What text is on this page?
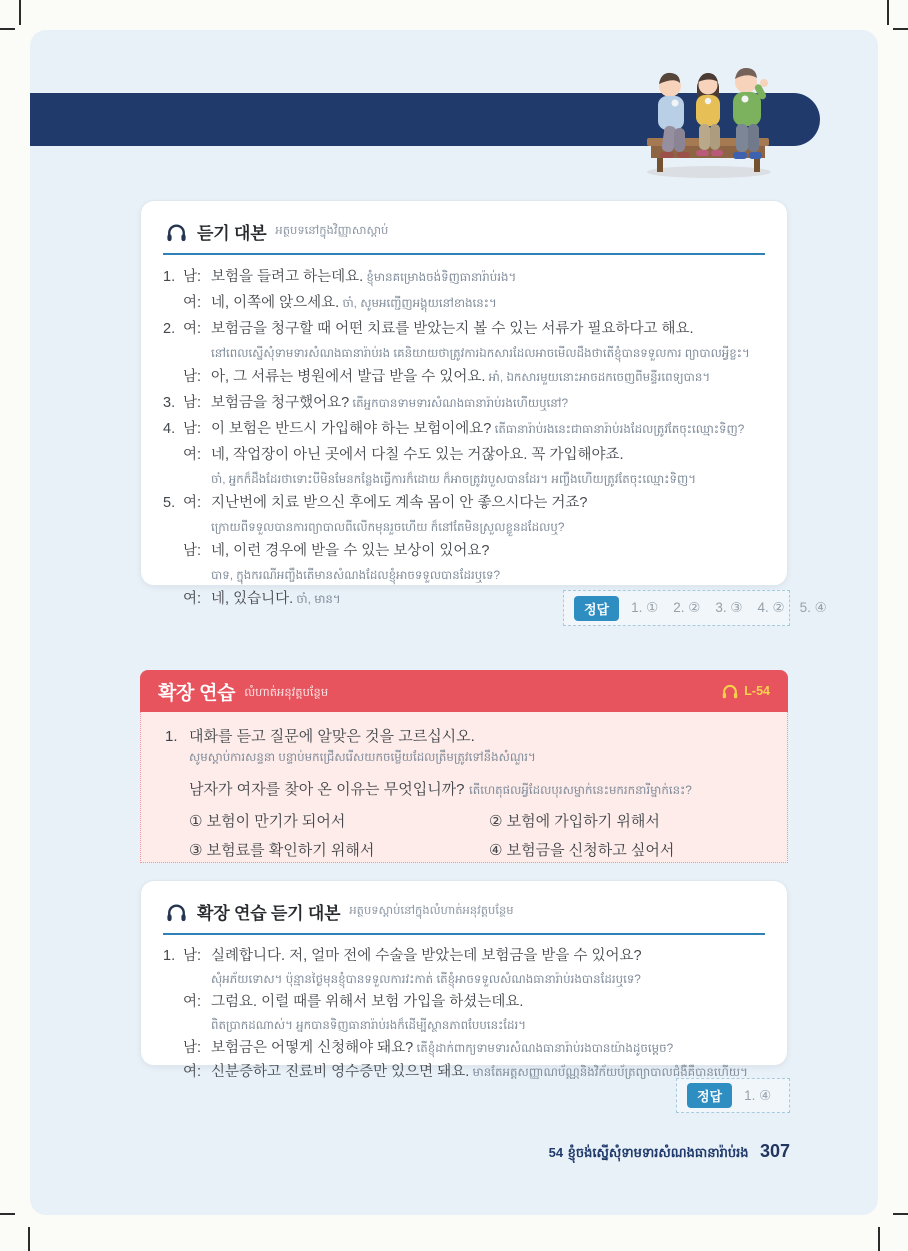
듣기 대본 អត្ថបទនៅក្នុងវិញ្ញាសាស្តាប់
1. 남: 보험을 들려고 하는데요. ខ្ញុំមានគម្រោងចង់ទិញធានារ៉ាប់រង។
여: 네, 이쪽에 앉으세요. ចា៎, សូមអញ្ជើញអង្គុយនៅខាងនេះ។
2. 여: 보험금을 청구할 때 어떤 치료를 받았는지 볼 수 있는 서류가 필요하다고 해요.
នៅពេលស្នើសុំទាមទារសំណងធានារ៉ាប់រង គេនិយាយថាត្រូវការឯកសារដែលអាចមើលដឹងថាតើខ្ញុំបានទទួលការ ព្យាបាលអ្វីខ្លះ។
남: 아, 그 서류는 병원에서 발급 받을 수 있어요. អា៎, ឯកសារមួយនោះអាចដកចេញពីមន្ទីរពេទ្យបាន។
3. 남: 보험금을 청구했어요? តើអ្នកបានទាមទារសំណងធានារ៉ាប់រងហើយឬនៅ?
4. 남: 이 보험은 반드시 가입해야 하는 보험이에요? តើធានារ៉ាប់រងនេះជាធានារ៉ាប់រងដែលត្រូវតែចុះឈ្មោះទិញ?
여: 네, 작업장이 아닌 곳에서 다칠 수도 있는 거잖아요. 꼭 가입해야죠.
ចា៎, អ្នកក៏ដឹងដែរថាទោះបីមិនមែនកន្លែងធ្វើការក៏ដោយ ក៏អាចត្រូវរបួសបានដែរ។ អញ្ចឹងហើយត្រូវតែចុះឈ្មោះទិញ។
5. 여: 지난번에 치료 받으신 후에도 계속 몸이 안 좋으시다는 거죠?
ក្រោយពីទទួលបានការព្យាបាលពីលើកមុនរួចហើយ ក៏នៅតែមិនស្រួលខ្លួនដដែលឬ?
남: 네, 이런 경우에 받을 수 있는 보상이 있어요?
បាទ, ក្នុងករណីអញ្ចឹងតើមានសំណងដែលខ្ញុំអាចទទួលបានដែរឬទេ?
여: 네, 있습니다. ចា៎, មាន។
정답	1. ① 2. ② 3. ③ 4. ② 5. ④
확장 연습 លំហាត់អនុវត្តបន្ថែម	L-54
1. 대화를 듣고 질문에 알맞은 것을 고르십시오.
សូមស្តាប់ការសន្ទនា បន្ទាប់មកជ្រើសរើសយកចម្លើយដែលត្រឹមត្រូវទៅនឹងសំណួរ។
남자가 여자를 찾아 온 이유는 무엇입니까? តើហេតុផលអ្វីដែលបុរសម្នាក់នេះមករកនារីម្នាក់នេះ?
① 보험이 만기가 되어서	② 보험에 가입하기 위해서
③ 보험료를 확인하기 위해서	④ 보험금을 신청하고 싶어서
확장 연습 듣기 대본 អត្ថបទស្តាប់នៅក្នុងលំហាត់អនុវត្តបន្ថែម
1. 남: 실례합니다. 저, 얼마 전에 수술을 받았는데 보험금을 받을 수 있어요?
សុំអភ័យទោស។ ប៉ុន្មានថ្ងៃមុនខ្ញុំបានទទួលការវះកាត់ តើខ្ញុំអាចទទួលសំណងធានារ៉ាប់រងបានដែរឬទេ?
여: 그럼요. 이럴 때를 위해서 보험 가입을 하셨는데요.
ពិតប្រាកដណាស់។ អ្នកបានទិញធានារ៉ាប់រងក៏ដើម្បីស្ថានភាពបែបនេះដែរ។
남: 보험금은 어떻게 신청해야 돼요? តើខ្ញុំដាក់ពាក្យទាមទារសំណងធានារ៉ាប់រងបានយ៉ាងដូចម្តេច?
여: 신분증하고 진료비 영수증만 있으면 돼요. មានតែអត្តសញ្ញាណប័ណ្ណនិងវិក័យប័ត្រព្យាបាលជំងឺគឺបានហើយ។
정답	1. ④
54 ខ្ញុំចង់ស្នើសុំទាមទារសំណងធានារ៉ាប់រង 307
